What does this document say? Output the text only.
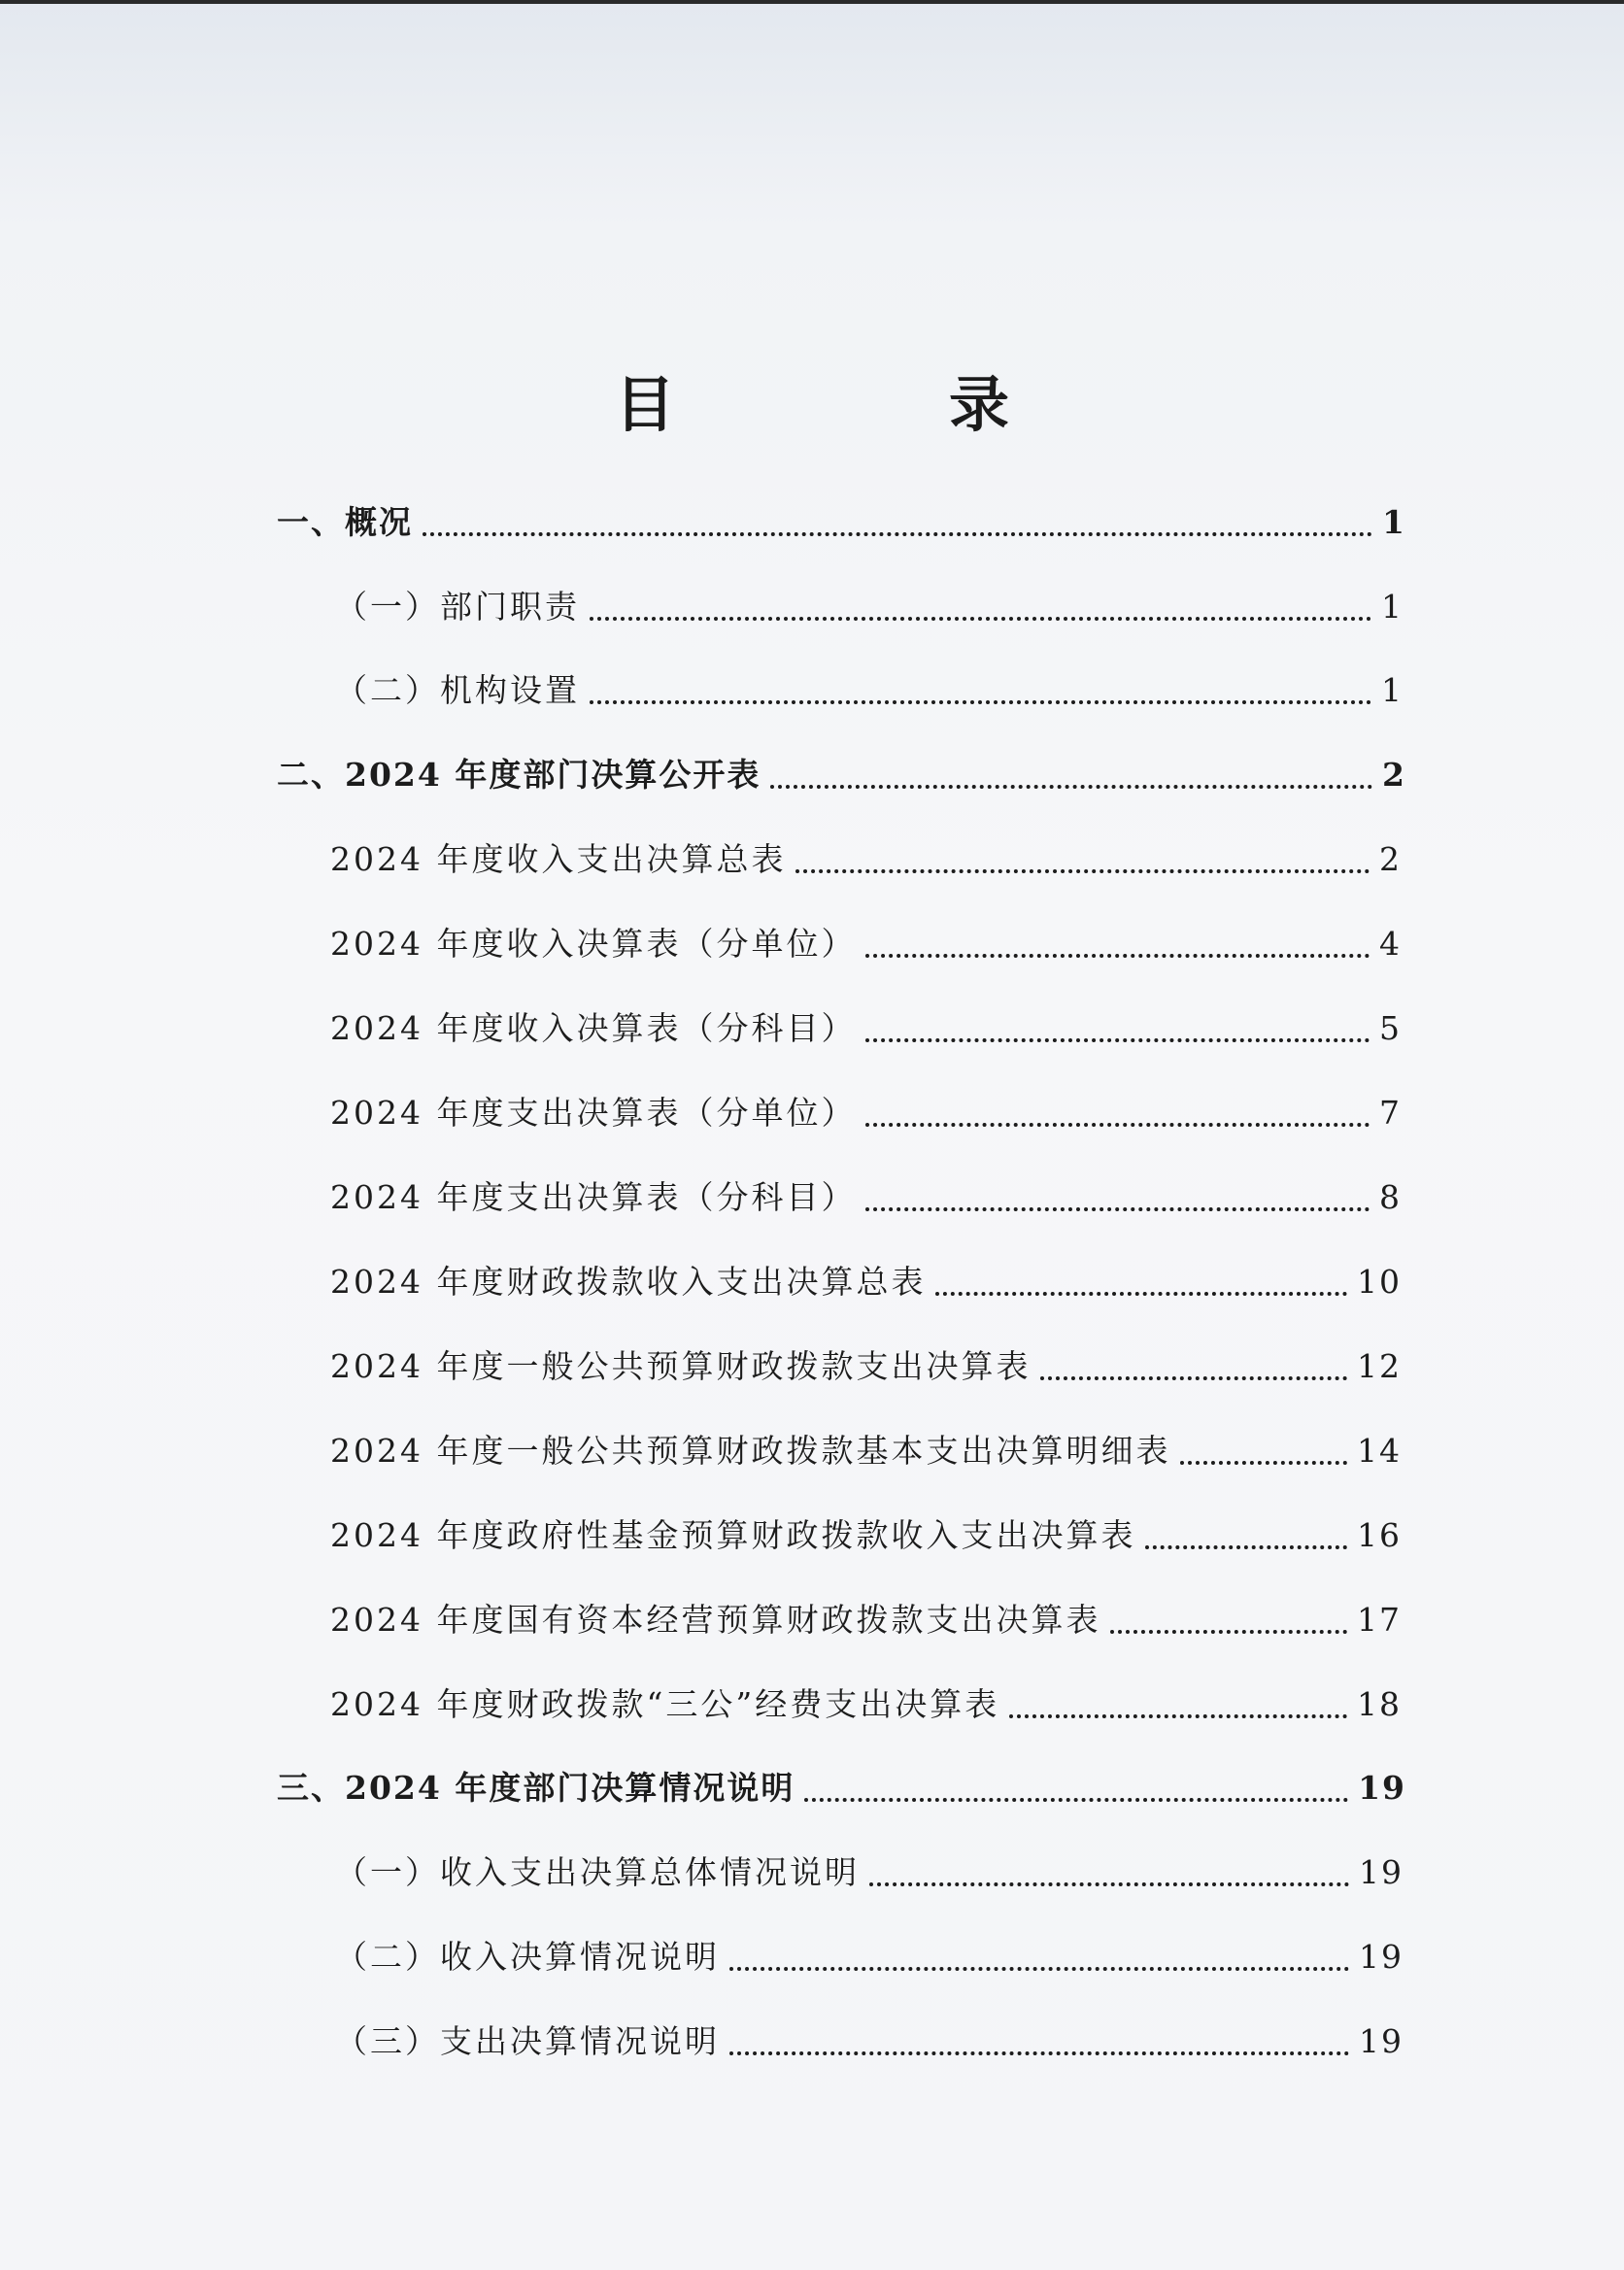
目　录
一、概况	1
（一）部门职责	1
（二）机构设置	1
二、2024 年度部门决算公开表	2
2024 年度收入支出决算总表	2
2024 年度收入决算表（分单位）	4
2024 年度收入决算表（分科目）	5
2024 年度支出决算表（分单位）	7
2024 年度支出决算表（分科目）	8
2024 年度财政拨款收入支出决算总表	10
2024 年度一般公共预算财政拨款支出决算表	12
2024 年度一般公共预算财政拨款基本支出决算明细表	14
2024 年度政府性基金预算财政拨款收入支出决算表	16
2024 年度国有资本经营预算财政拨款支出决算表	17
2024 年度财政拨款“三公”经费支出决算表	18
三、2024 年度部门决算情况说明	19
（一）收入支出决算总体情况说明	19
（二）收入决算情况说明	19
（三）支出决算情况说明	19
